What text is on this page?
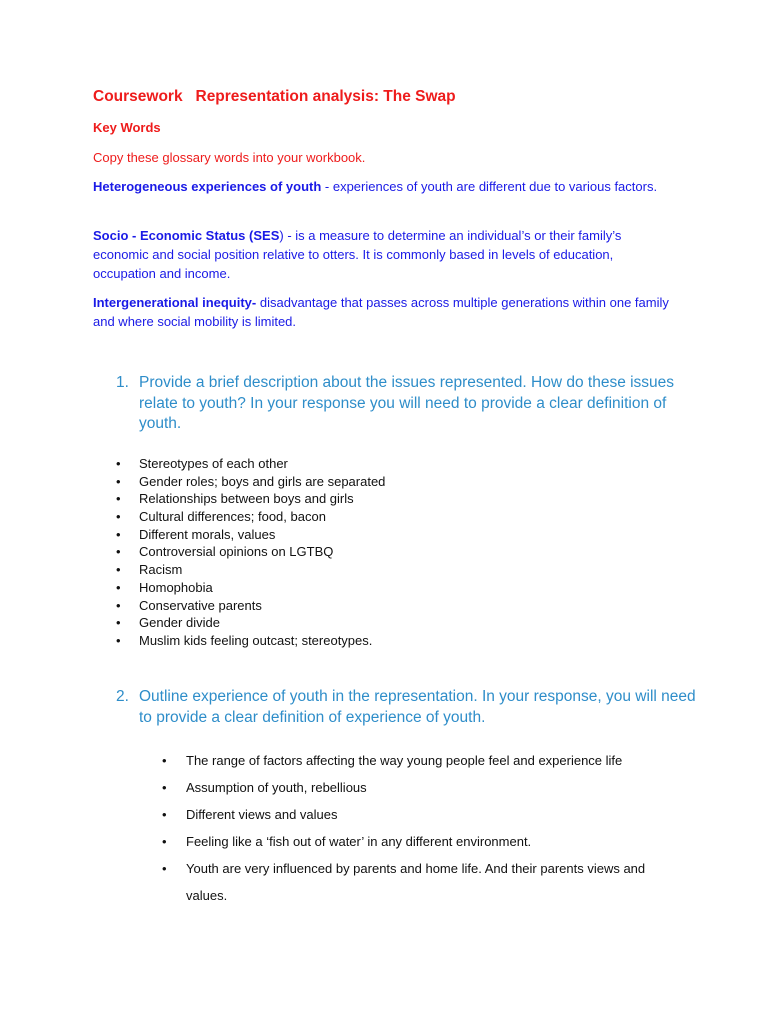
Coursework   Representation analysis: The Swap
Key Words
Copy these glossary words into your workbook.
Heterogeneous experiences of youth - experiences of youth are different due to various factors.
Socio - Economic Status (SES) - is a measure to determine an individual’s or their family’s economic and social position relative to otters. It is commonly based in levels of education, occupation and income.
Intergenerational inequity- disadvantage that passes across multiple generations within one family and where social mobility is limited.
1. Provide a brief description about the issues represented. How do these issues relate to youth? In your response you will need to provide a clear definition of youth.
• Stereotypes of each other
• Gender roles; boys and girls are separated
• Relationships between boys and girls
• Cultural differences; food, bacon
• Different morals, values
• Controversial opinions on LGTBQ
• Racism
• Homophobia
• Conservative parents
• Gender divide
• Muslim kids feeling outcast; stereotypes.
2. Outline experience of youth in the representation. In your response, you will need to provide a clear definition of experience of youth.
• The range of factors affecting the way young people feel and experience life
• Assumption of youth, rebellious
• Different views and values
• Feeling like a ‘fish out of water’ in any different environment.
• Youth are very influenced by parents and home life. And their parents views and values.
